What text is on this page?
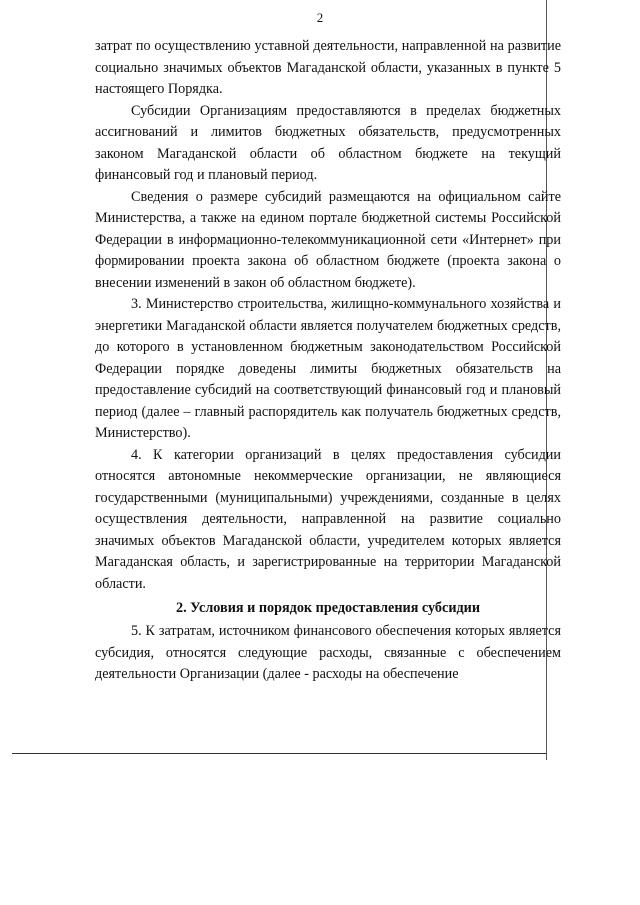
2

затрат по осуществлению уставной деятельности, направленной на развитие социально значимых объектов Магаданской области, указанных в пункте 5 настоящего Порядка.

Субсидии Организациям предоставляются в пределах бюджетных ассигнований и лимитов бюджетных обязательств, предусмотренных законом Магаданской области об областном бюджете на текущий финансовый год и плановый период.

Сведения о размере субсидий размещаются на официальном сайте Министерства, а также на едином портале бюджетной системы Российской Федерации в информационно-телекоммуникационной сети «Интернет» при формировании проекта закона об областном бюджете (проекта закона о внесении изменений в закон об областном бюджете).

3. Министерство строительства, жилищно-коммунального хозяйства и энергетики Магаданской области является получателем бюджетных средств, до которого в установленном бюджетным законодательством Российской Федерации порядке доведены лимиты бюджетных обязательств на предоставление субсидий на соответствующий финансовый год и плановый период (далее – главный распорядитель как получатель бюджетных средств, Министерство).

4. К категории организаций в целях предоставления субсидии относятся автономные некоммерческие организации, не являющиеся государственными (муниципальными) учреждениями, созданные в целях осуществления деятельности, направленной на развитие социально значимых объектов Магаданской области, учредителем которых является Магаданская область, и зарегистрированные на территории Магаданской области.

2. Условия и порядок предоставления субсидии

5. К затратам, источником финансового обеспечения которых является субсидия, относятся следующие расходы, связанные с обеспечением деятельности Организации (далее - расходы на обеспечение
